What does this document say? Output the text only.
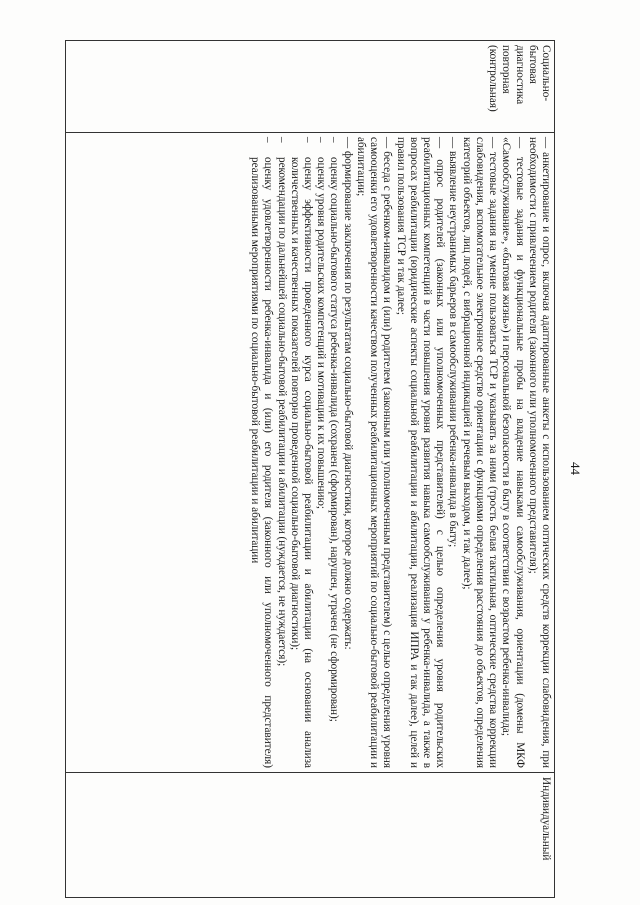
44
Социально-бытовая диагностика повторная (контрольная)	
— анкетирование и опрос, включая адаптированные анкеты с использованием оптических средств коррекции слабовидения, при необходимости с привлечением родителя (законного или уполномоченного представителя);
— тестовые задания и функциональные пробы на владение навыками самообслуживания, ориентации (домены МКФ «Самообслуживание», «бытовая жизнь») и персональной безопасности в быту в соответствии с возрастом ребенка-инвалида;
— тестовые задания на умение пользоваться ТСР и указывать за ними (трость белая тактильная, оптические средства коррекции слабовидения, вспомогательное электронное средство ориентации с функциями определения расстояния до объектов, определения категорий объектов, лиц людей, с вибрационной индикацией и речевым выходом, и так далее);
— выявление неустранимых барьеров в самообслуживании ребенка-инвалида в быту;
— опрос родителей (законных или уполномоченных представителей) с целью определения уровня родительских реабилитационных компетенций в части повышения уровня развития навыка самообслуживания у ребенка-инвалида, а также в вопросах реабилитации (юридические аспекты социальной реабилитации и абилитации, реализация ИПРА и так далее), целей и правил пользования ТСР и так далее;
— беседа с ребенком-инвалидом и (или) родителем (законным или уполномоченным представителем) с целью определения уровня самооценки его удовлетворенности качеством полученных реабилитационных мероприятий по социально-бытовой реабилитации и абилитации;
— формирование заключения по результатам социально-бытовой диагностики, которое должно содержать:
–оценку социально-бытового статуса ребенка-инвалида (сохранен (сформирован), нарушен, утрачен (не сформирован);
–оценку уровня родительских компетенций и мотивации к их повышению;
–оценку эффективности проведенного курса социально-бытовой реабилитации и абилитации (на основании анализа количественных и качественных показателей повторно проведенной социально-бытовой диагностики);
–рекомендации по дальнейшей социально-бытовой реабилитации и абилитации (нуждается, не нуждается);
–оценку удовлетворенности ребенка-инвалида и (или) его родителя (законного или уполномоченного представителя) реализованными мероприятиями по социально-бытовой реабилитации и абилитации
	Индивидуальный
